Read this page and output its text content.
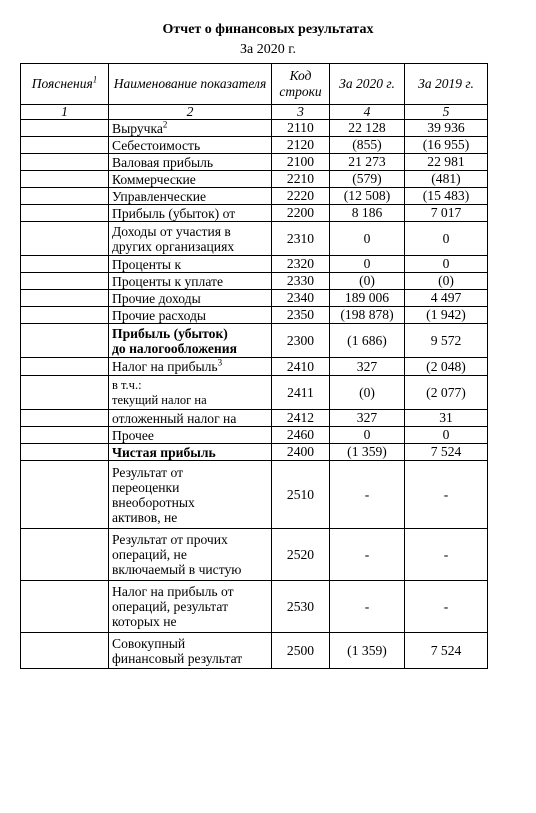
Отчет о финансовых результатах
За 2020 г.
Пояснения$^1$	Наименование показателя	Код строки	За 2020 г.	За 2019 г.
1	2	3	4	5
	Выручка$^2$	2110	22 128	39 936
	Себестоимость	2120	(855)	(16 955)
	Валовая прибыль	2100	21 273	22 981
	Коммерческие	2210	(579)	(481)
	Управленческие	2220	(12 508)	(15 483)
	Прибыль (убыток) от	2200	8 186	7 017
	Доходы от участия в
других организациях	2310	0	0
	Проценты к	2320	0	0
	Проценты к уплате	2330	(0)	(0)
	Прочие доходы	2340	189 006	4 497
	Прочие расходы	2350	(198 878)	(1 942)
	Прибыль (убыток)
до налогообложения	2300	(1 686)	9 572
	Налог на прибыль$^3$	2410	327	(2 048)
	в т.ч.:
текущий налог на	2411	(0)	(2 077)
	отложенный налог на	2412	327	31
	Прочее	2460	0	0
	Чистая прибыль	2400	(1 359)	7 524
	Результат от
переоценки
внеоборотных
активов, не	2510	-	-
	Результат от прочих
операций, не
включаемый в чистую	2520	-	-
	Налог на прибыль от
операций, результат
которых не	2530	-	-
	Совокупный
финансовый результат	2500	(1 359)	7 524
